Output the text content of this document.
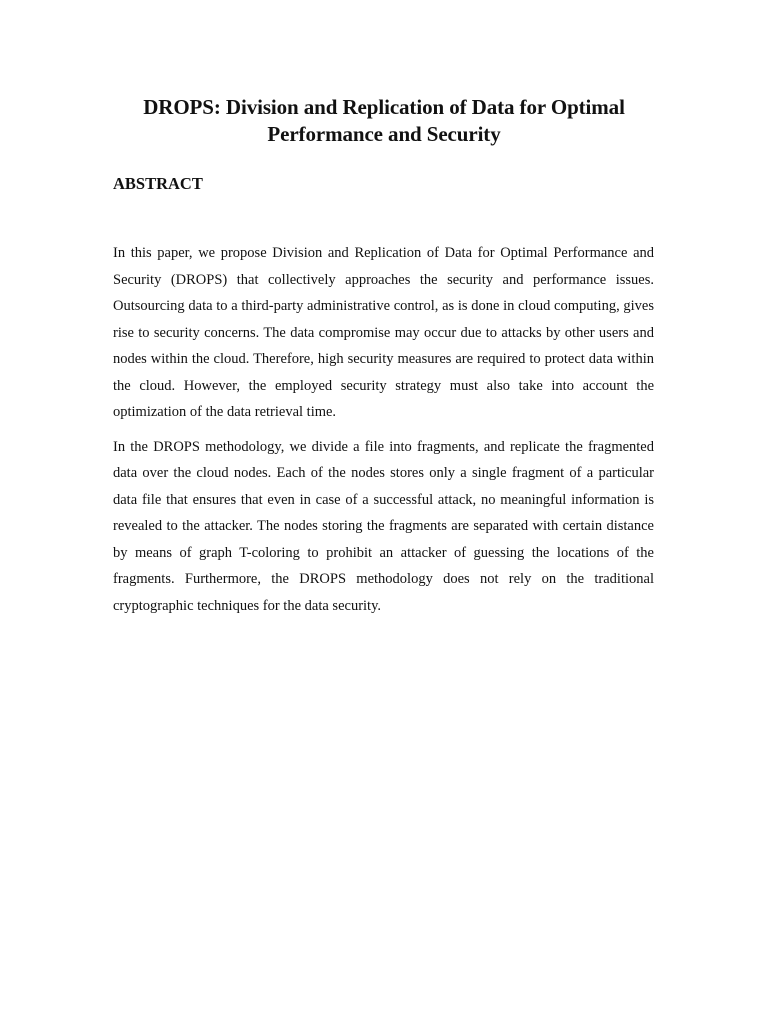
DROPS: Division and Replication of Data for Optimal Performance and Security
ABSTRACT

In this paper, we propose Division and Replication of Data for Optimal Performance and Security (DROPS) that collectively approaches the security and performance issues. Outsourcing data to a third-party administrative control, as is done in cloud computing, gives rise to security concerns. The data compromise may occur due to attacks by other users and nodes within the cloud. Therefore, high security measures are required to protect data within the cloud. However, the employed security strategy must also take into account the optimization of the data retrieval time.

In the DROPS methodology, we divide a file into fragments, and replicate the fragmented data over the cloud nodes. Each of the nodes stores only a single fragment of a particular data file that ensures that even in case of a successful attack, no meaningful information is revealed to the attacker. The nodes storing the fragments are separated with certain distance by means of graph T-coloring to prohibit an attacker of guessing the locations of the fragments. Furthermore, the DROPS methodology does not rely on the traditional cryptographic techniques for the data security.
